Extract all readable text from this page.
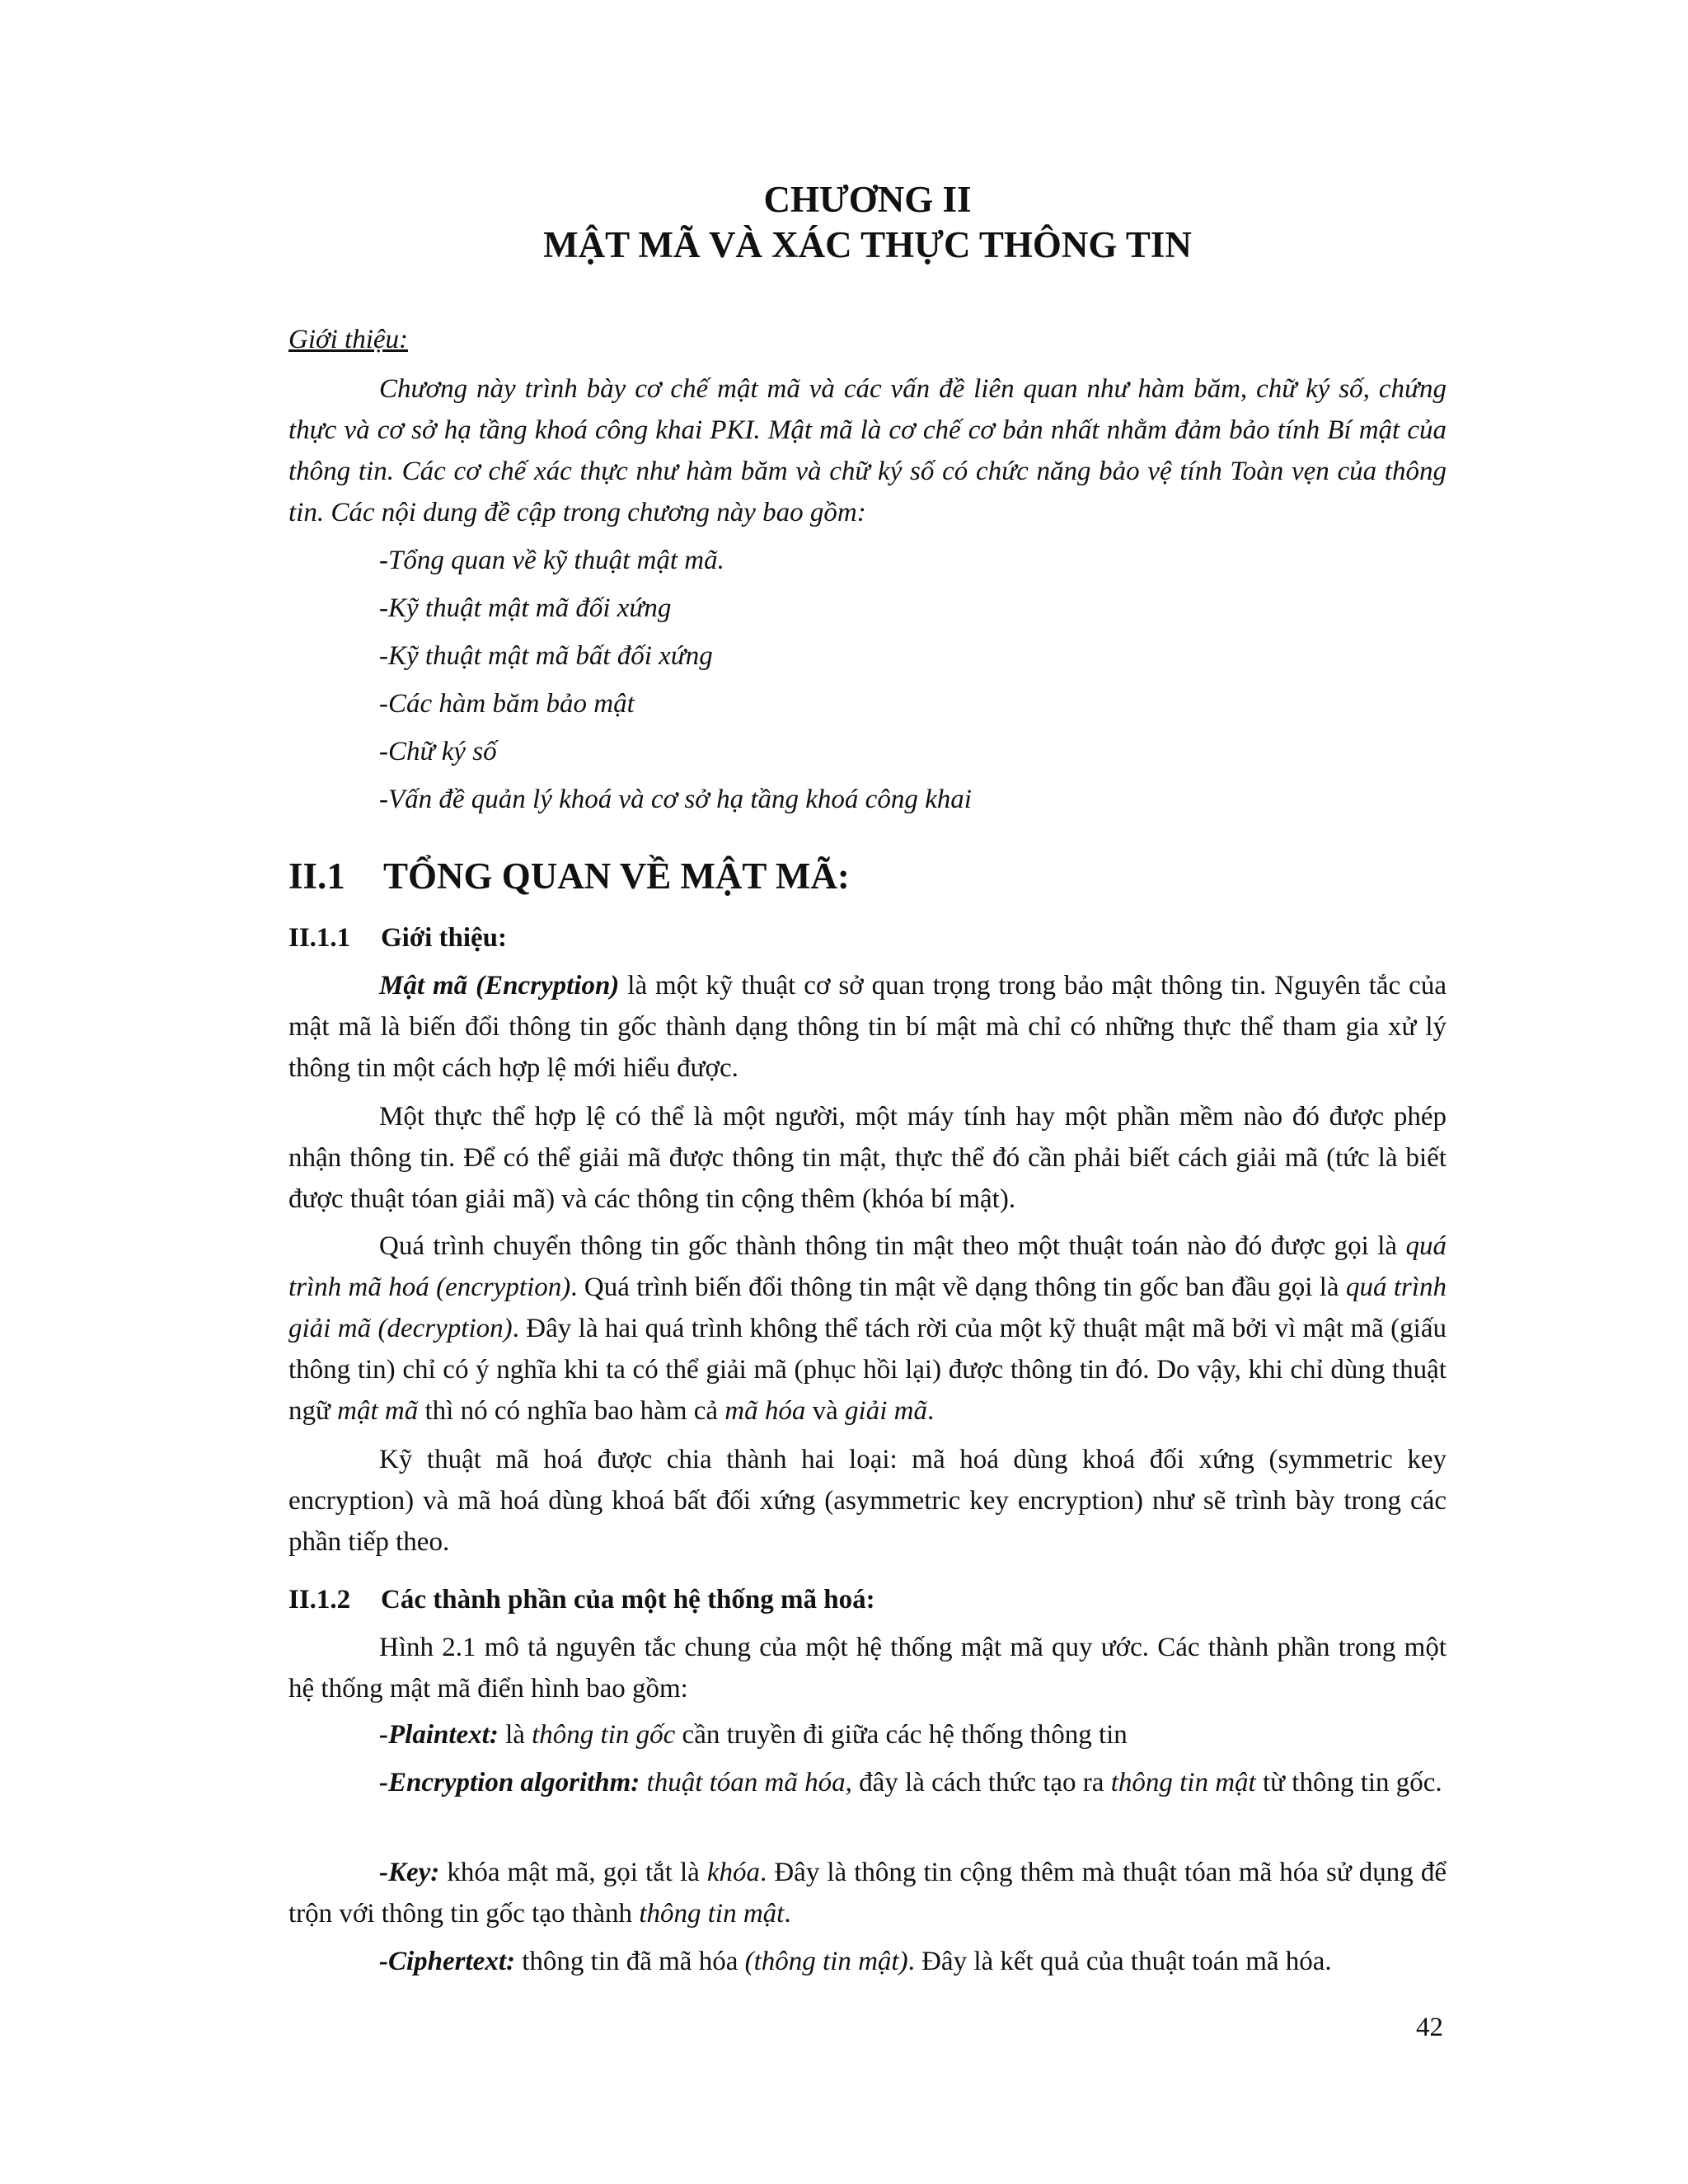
CHƯƠNG II
MẬT MÃ VÀ XÁC THỰC THÔNG TIN
Giới thiệu:

Chương này trình bày cơ chế mật mã và các vấn đề liên quan như hàm băm, chữ ký số, chứng thực và cơ sở hạ tầng khoá công khai PKI. Mật mã là cơ chế cơ bản nhất nhằm đảm bảo tính Bí mật của thông tin. Các cơ chế xác thực như hàm băm và chữ ký số có chức năng bảo vệ tính Toàn vẹn của thông tin. Các nội dung đề cập trong chương này bao gồm:

-Tổng quan về kỹ thuật mật mã.
-Kỹ thuật mật mã đối xứng
-Kỹ thuật mật mã bất đối xứng
-Các hàm băm bảo mật
-Chữ ký số
-Vấn đề quản lý khoá và cơ sở hạ tầng khoá công khai
II.1 TỔNG QUAN VỀ MẬT MÃ:
II.1.1 Giới thiệu:

Mật mã (Encryption) là một kỹ thuật cơ sở quan trọng trong bảo mật thông tin. Nguyên tắc của mật mã là biến đổi thông tin gốc thành dạng thông tin bí mật mà chỉ có những thực thể tham gia xử lý thông tin một cách hợp lệ mới hiểu được.

Một thực thể hợp lệ có thể là một người, một máy tính hay một phần mềm nào đó được phép nhận thông tin. Để có thể giải mã được thông tin mật, thực thể đó cần phải biết cách giải mã (tức là biết được thuật tóan giải mã) và các thông tin cộng thêm (khóa bí mật).

Quá trình chuyển thông tin gốc thành thông tin mật theo một thuật toán nào đó được gọi là quá trình mã hoá (encryption). Quá trình biến đổi thông tin mật về dạng thông tin gốc ban đầu gọi là quá trình giải mã (decryption). Đây là hai quá trình không thể tách rời của một kỹ thuật mật mã bởi vì mật mã (giấu thông tin) chỉ có ý nghĩa khi ta có thể giải mã (phục hồi lại) được thông tin đó. Do vậy, khi chỉ dùng thuật ngữ mật mã thì nó có nghĩa bao hàm cả mã hóa và giải mã.

Kỹ thuật mã hoá được chia thành hai loại: mã hoá dùng khoá đối xứng (symmetric key encryption) và mã hoá dùng khoá bất đối xứng (asymmetric key encryption) như sẽ trình bày trong các phần tiếp theo.

II.1.2 Các thành phần của một hệ thống mã hoá:

Hình 2.1 mô tả nguyên tắc chung của một hệ thống mật mã quy ước. Các thành phần trong một hệ thống mật mã điển hình bao gồm:

-Plaintext: là thông tin gốc cần truyền đi giữa các hệ thống thông tin

-Encryption algorithm: thuật tóan mã hóa, đây là cách thức tạo ra thông tin mật từ thông tin gốc.

-Key: khóa mật mã, gọi tắt là khóa. Đây là thông tin cộng thêm mà thuật tóan mã hóa sử dụng để trộn với thông tin gốc tạo thành thông tin mật.

-Ciphertext: thông tin đã mã hóa (thông tin mật). Đây là kết quả của thuật toán mã hóa.

42
